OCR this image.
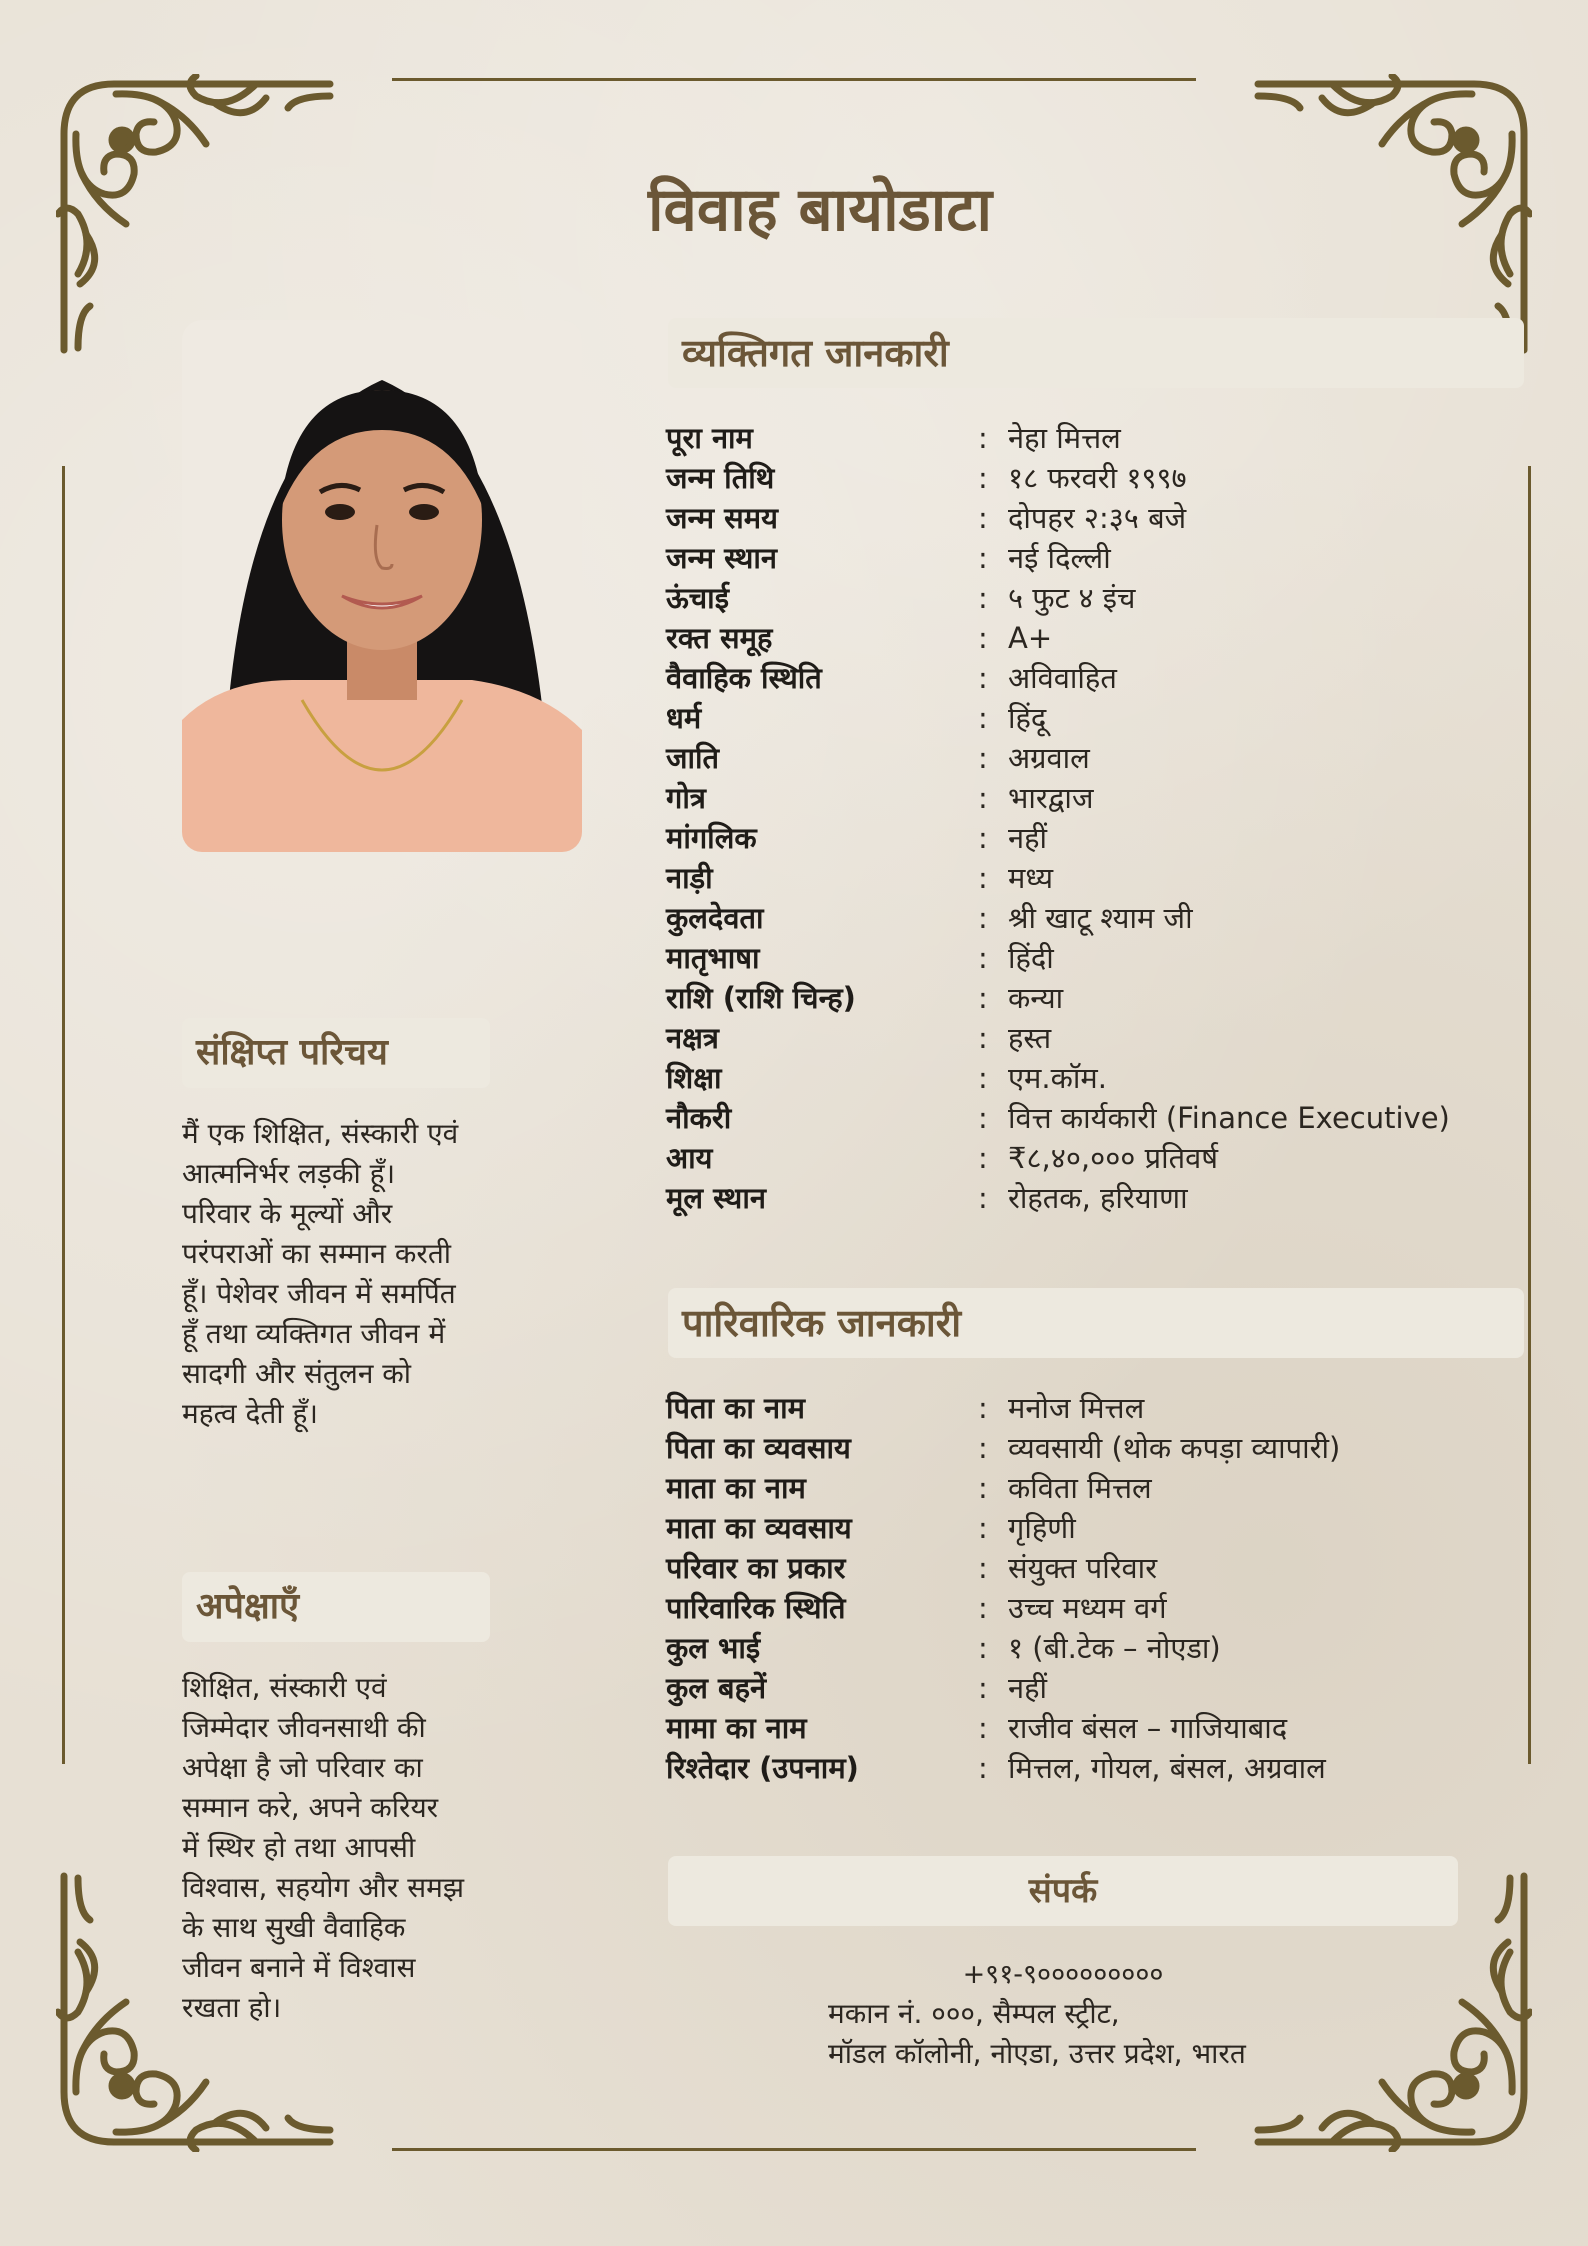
विवाह बायोडाटा
व्यक्तिगत जानकारी
पूरा नाम	: नेहा मित्तल
जन्म तिथि	: १८ फरवरी १९९७
जन्म समय	: दोपहर २:३५ बजे
जन्म स्थान	: नई दिल्ली
ऊंचाई	: ५ फुट ४ इंच
रक्त समूह	: A+
वैवाहिक स्थिति	: अविवाहित
धर्म	: हिंदू
जाति	: अग्रवाल
गोत्र	: भारद्वाज
मांगलिक	: नहीं
नाड़ी	: मध्य
कुलदेवता	: श्री खाटू श्याम जी
मातृभाषा	: हिंदी
राशि (राशि चिन्ह)	: कन्या
नक्षत्र	: हस्त
शिक्षा	: एम.कॉम.
नौकरी	: वित्त कार्यकारी (Finance Executive)
आय	: ₹८,४०,००० प्रतिवर्ष
मूल स्थान	: रोहतक, हरियाणा
पारिवारिक जानकारी
पिता का नाम	: मनोज मित्तल
पिता का व्यवसाय	: व्यवसायी (थोक कपड़ा व्यापारी)
माता का नाम	: कविता मित्तल
माता का व्यवसाय	: गृहिणी
परिवार का प्रकार	: संयुक्त परिवार
पारिवारिक स्थिति	: उच्च मध्यम वर्ग
कुल भाई	: १ (बी.टेक – नोएडा)
कुल बहनें	: नहीं
मामा का नाम	: राजीव बंसल – गाजियाबाद
रिश्तेदार (उपनाम)	: मित्तल, गोयल, बंसल, अग्रवाल
संक्षिप्त परिचय
मैं एक शिक्षित, संस्कारी एवं
आत्मनिर्भर लड़की हूँ।
परिवार के मूल्यों और
परंपराओं का सम्मान करती
हूँ। पेशेवर जीवन में समर्पित
हूँ तथा व्यक्तिगत जीवन में
सादगी और संतुलन को
महत्व देती हूँ।
अपेक्षाएँ
शिक्षित, संस्कारी एवं
जिम्मेदार जीवनसाथी की
अपेक्षा है जो परिवार का
सम्मान करे, अपने करियर
में स्थिर हो तथा आपसी
विश्वास, सहयोग और समझ
के साथ सुखी वैवाहिक
जीवन बनाने में विश्वास
रखता हो।
संपर्क
+९१-९०००००००००
मकान नं. ०००, सैम्पल स्ट्रीट,
मॉडल कॉलोनी, नोएडा, उत्तर प्रदेश, भारत
